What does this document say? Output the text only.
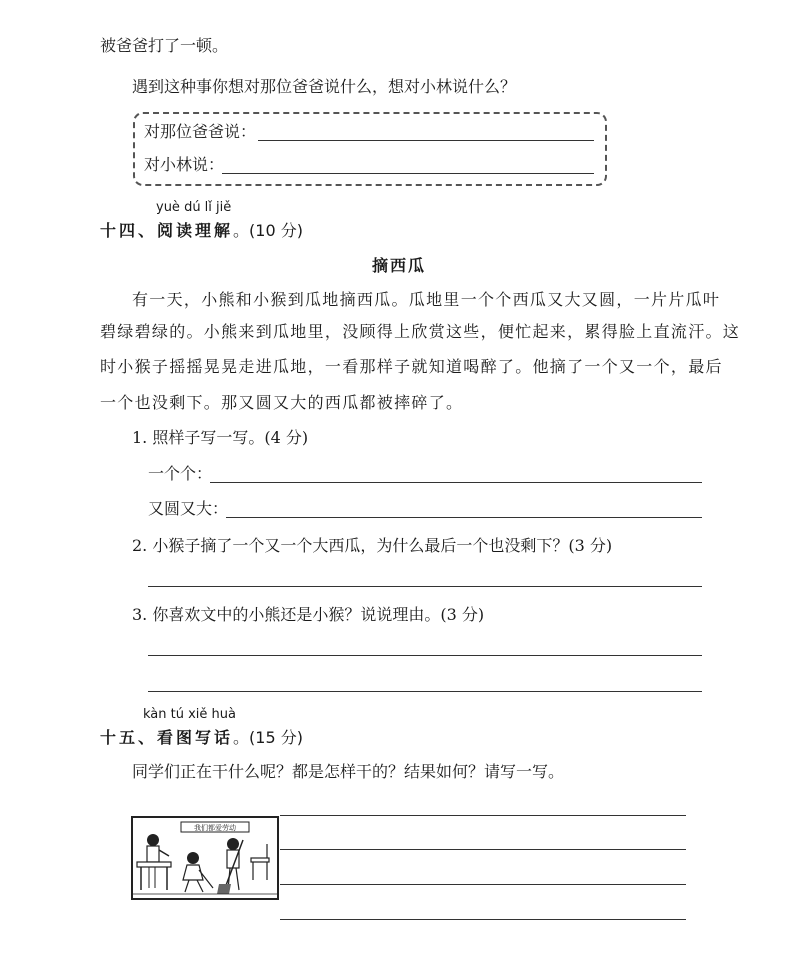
被爸爸打了一顿。
遇到这种事你想对那位爸爸说什么，想对小林说什么？
对那位爸爸说：
对小林说：
yuè dú lǐ jiě
十四、阅读理解。(10 分)
摘西瓜
有一天，小熊和小猴到瓜地摘西瓜。瓜地里一个个西瓜又大又圆，一片片瓜叶
碧绿碧绿的。小熊来到瓜地里，没顾得上欣赏这些，便忙起来，累得脸上直流汗。这
时小猴子摇摇晃晃走进瓜地，一看那样子就知道喝醉了。他摘了一个又一个，最后
一个也没剩下。那又圆又大的西瓜都被摔碎了。
1. 照样子写一写。(4 分)
一个个：
又圆又大：
2. 小猴子摘了一个又一个大西瓜，为什么最后一个也没剩下？(3 分)
3. 你喜欢文中的小熊还是小猴？说说理由。(3 分)
kàn tú xiě huà
十五、看图写话。(15 分)
同学们正在干什么呢？都是怎样干的？结果如何？请写一写。
我们都爱劳动
